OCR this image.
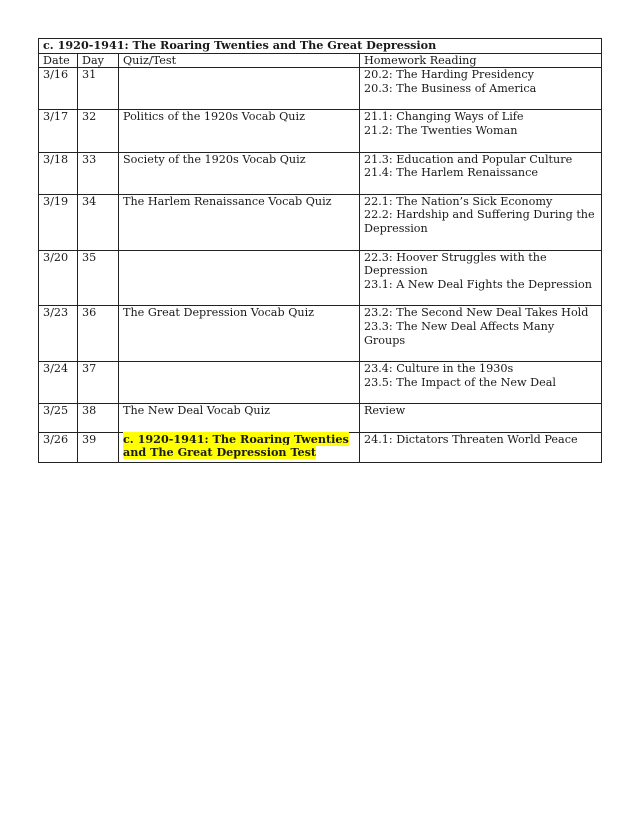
c. 1920-1941: The Roaring Twenties and The Great Depression			
Date	Day	Quiz/Test	Homework Reading
3/16	31		20.2: The Harding Presidency
20.3: The Business of America

3/17	32	Politics of the 1920s Vocab Quiz	21.1: Changing Ways of Life
21.2: The Twenties Woman

3/18	33	Society of the 1920s Vocab Quiz	21.3: Education and Popular Culture
21.4: The Harlem Renaissance

3/19	34	The Harlem Renaissance Vocab Quiz	22.1: The Nation’s Sick Economy
22.2: Hardship and Suffering During the Depression

3/20	35		22.3: Hoover Struggles with the Depression
23.1: A New Deal Fights the Depression

3/23	36	The Great Depression Vocab Quiz	23.2: The Second New Deal Takes Hold
23.3: The New Deal Affects Many Groups

3/24	37		23.4: Culture in the 1930s
23.5: The Impact of the New Deal

3/25	38	The New Deal Vocab Quiz	Review

3/26	39	c. 1920-1941: The Roaring Twenties and The Great Depression Test	24.1: Dictators Threaten World Peace
